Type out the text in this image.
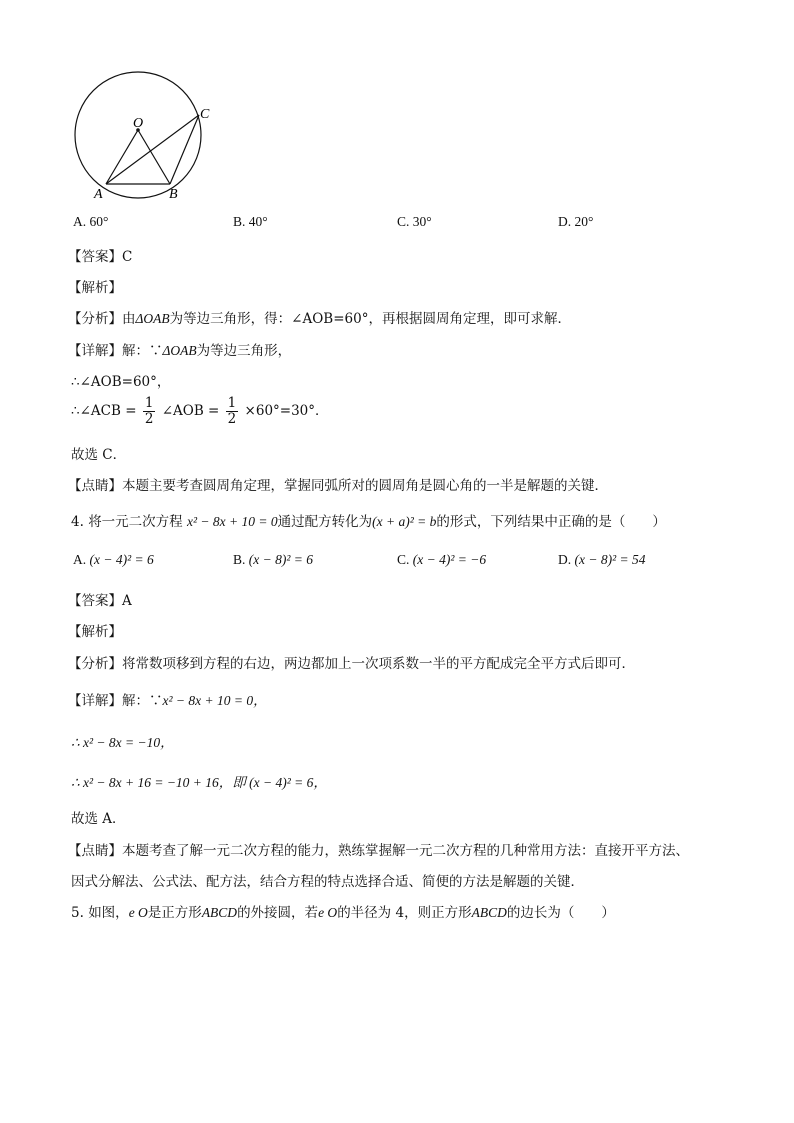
O
A	B
C
A. 60°	B. 40°	C. 30°	D. 20°
【答案】C
【解析】
【分析】由ΔOAB为等边三角形，得：∠AOB=60°，再根据圆周角定理，即可求解．
【详解】解：∵ΔOAB为等边三角形，
∴∠AOB=60°，
∴∠ACB = $\frac{1}{2}$ ∠AOB = $\frac{1}{2} \times 60^\circ=30^\circ$．
故选 C．
【点睛】本题主要考查圆周角定理，掌握同弧所对的圆周角是圆心角的一半是解题的关键．
4. 将一元二次方程 x² − 8x + 10 = 0通过配方转化为(x + a)² = b的形式，下列结果中正确的是（　　）
A. (x − 4)² = 6	B. (x − 8)² = 6	C. (x − 4)² = −6	D. (x − 8)² = 54
【答案】A
【解析】
【分析】将常数项移到方程的右边，两边都加上一次项系数一半的平方配成完全平方式后即可．
【详解】解：∵x² − 8x + 10 = 0，
∴ x² − 8x = −10，
∴ x² − 8x + 16 = −10 + 16，即 (x − 4)² = 6，
故选 A．
【点睛】本题考查了解一元二次方程的能力，熟练掌握解一元二次方程的几种常用方法：直接开平方法、
因式分解法、公式法、配方法，结合方程的特点选择合适、简便的方法是解题的关键．
5. 如图，e O是正方形ABCD的外接圆，若e O的半径为 4，则正方形ABCD的边长为（　　）
